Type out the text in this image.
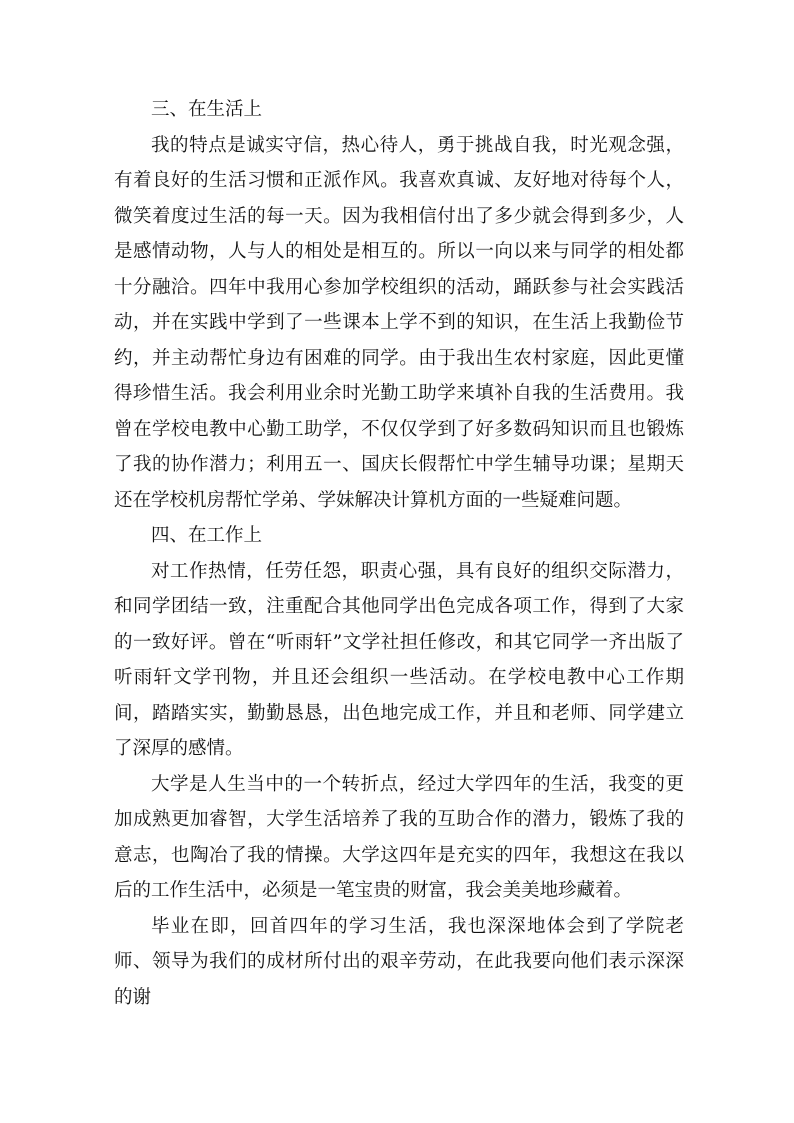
三、在生活上

我的特点是诚实守信，热心待人，勇于挑战自我，时光观念强，有着良好的生活习惯和正派作风。我喜欢真诚、友好地对待每个人，微笑着度过生活的每一天。因为我相信付出了多少就会得到多少，人是感情动物，人与人的相处是相互的。所以一向以来与同学的相处都十分融洽。四年中我用心参加学校组织的活动，踊跃参与社会实践活动，并在实践中学到了一些课本上学不到的知识，在生活上我勤俭节约，并主动帮忙身边有困难的同学。由于我出生农村家庭，因此更懂得珍惜生活。我会利用业余时光勤工助学来填补自我的生活费用。我曾在学校电教中心勤工助学，不仅仅学到了好多数码知识而且也锻炼了我的协作潜力；利用五一、国庆长假帮忙中学生辅导功课；星期天还在学校机房帮忙学弟、学妹解决计算机方面的一些疑难问题。

四、在工作上

对工作热情，任劳任怨，职责心强，具有良好的组织交际潜力，和同学团结一致，注重配合其他同学出色完成各项工作，得到了大家的一致好评。曾在“听雨轩”文学社担任修改，和其它同学一齐出版了听雨轩文学刊物，并且还会组织一些活动。在学校电教中心工作期间，踏踏实实，勤勤恳恳，出色地完成工作，并且和老师、同学建立了深厚的感情。

大学是人生当中的一个转折点，经过大学四年的生活，我变的更加成熟更加睿智，大学生活培养了我的互助合作的潜力，锻炼了我的意志，也陶冶了我的情操。大学这四年是充实的四年，我想这在我以后的工作生活中，必须是一笔宝贵的财富，我会美美地珍藏着。

毕业在即，回首四年的学习生活，我也深深地体会到了学院老师、领导为我们的成材所付出的艰辛劳动，在此我要向他们表示深深的谢
